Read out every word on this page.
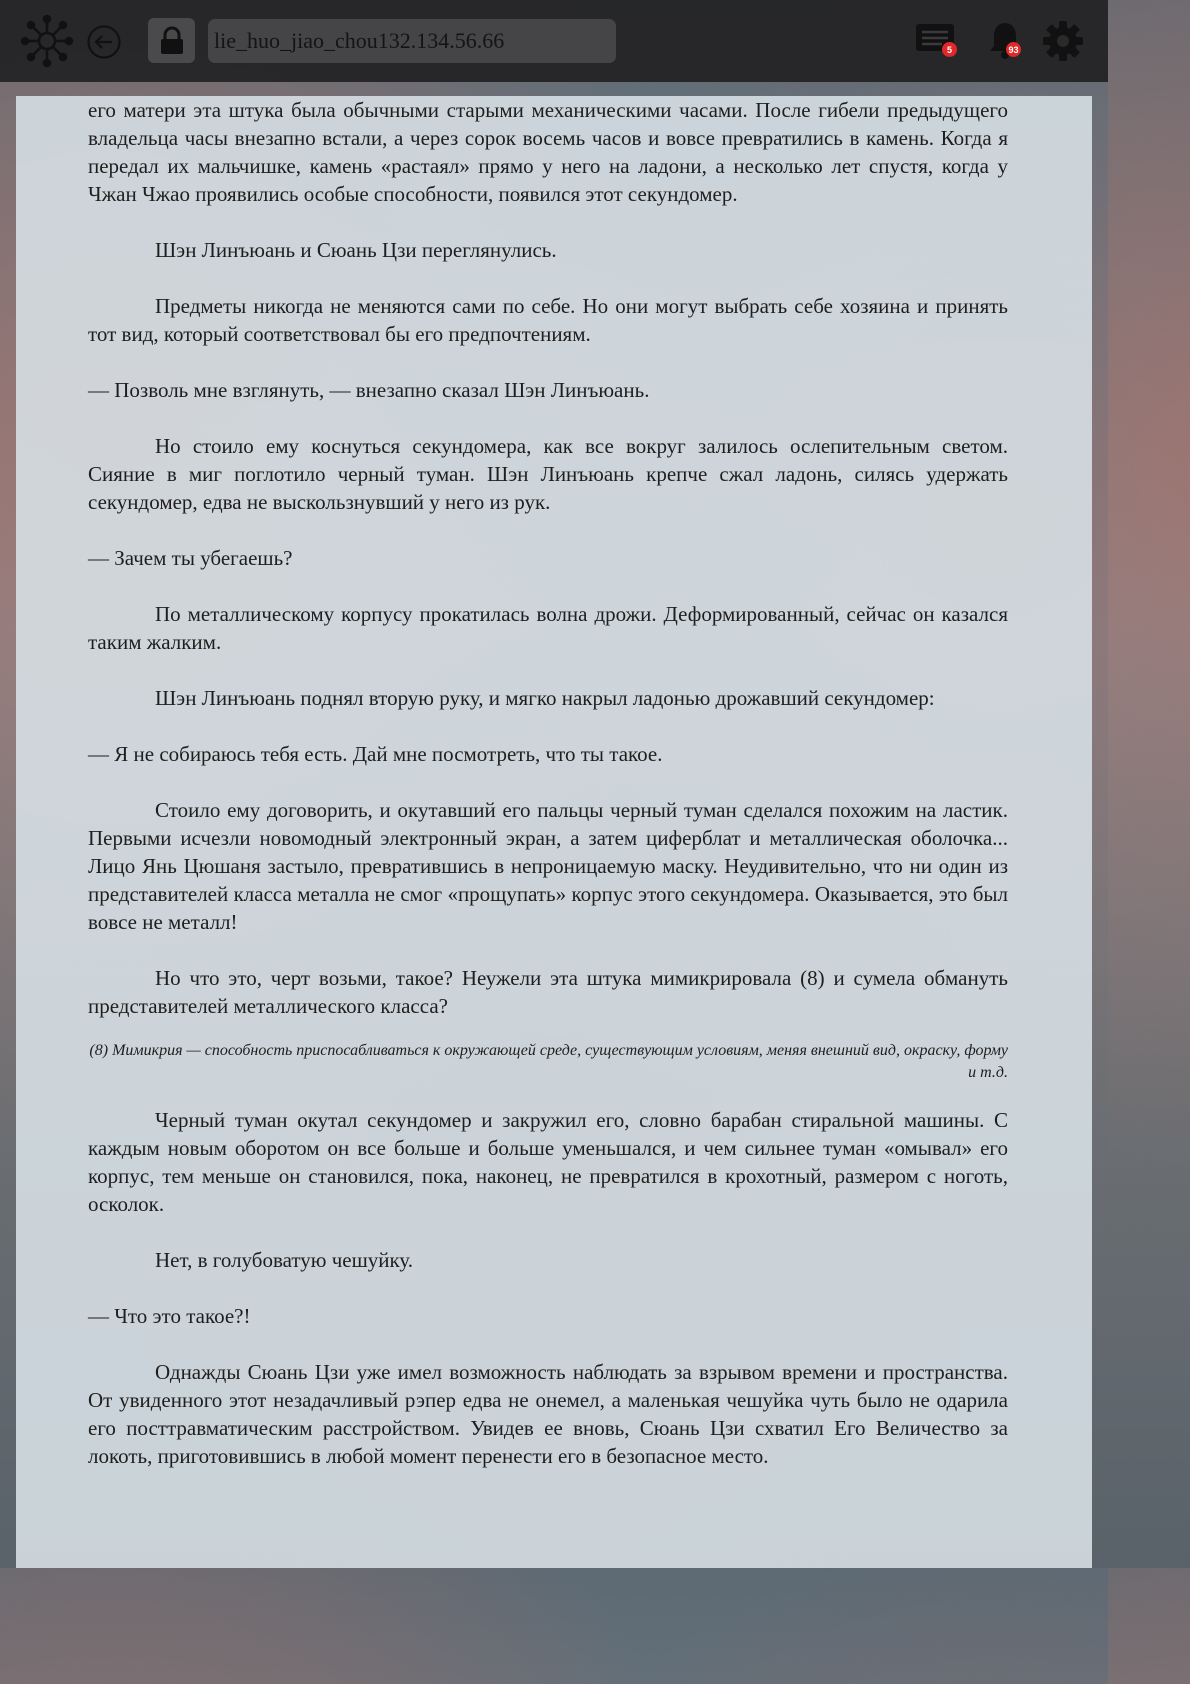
lie_huo_jiao_chou132.134.56.66	5	93

его матери эта штука была обычными старыми механическими часами. После гибели предыдущего владельца часы внезапно встали, а через сорок восемь часов и вовсе превратились в камень. Когда я передал их мальчишке, камень «растаял» прямо у него на ладони, а несколько лет спустя, когда у Чжан Чжао проявились особые способности, появился этот секундомер.

Шэн Линъюань и Сюань Цзи переглянулись.

Предметы никогда не меняются сами по себе. Но они могут выбрать себе хозяина и принять тот вид, который соответствовал бы его предпочтениям.

— Позволь мне взглянуть, — внезапно сказал Шэн Линъюань.

Но стоило ему коснуться секундомера, как все вокруг залилось ослепительным светом. Сияние в миг поглотило черный туман. Шэн Линъюань крепче сжал ладонь, силясь удержать секундомер, едва не выскользнувший у него из рук.

— Зачем ты убегаешь?

По металлическому корпусу прокатилась волна дрожи. Деформированный, сейчас он казался таким жалким.

Шэн Линъюань поднял вторую руку, и мягко накрыл ладонью дрожавший секундомер:

— Я не собираюсь тебя есть. Дай мне посмотреть, что ты такое.

Стоило ему договорить, и окутавший его пальцы черный туман сделался похожим на ластик. Первыми исчезли новомодный электронный экран, а затем циферблат и металлическая оболочка... Лицо Янь Цюшаня застыло, превратившись в непроницаемую маску. Неудивительно, что ни один из представителей класса металла не смог «прощупать» корпус этого секундомера. Оказывается, это был вовсе не металл!

Но что это, черт возьми, такое? Неужели эта штука мимикрировала (8) и сумела обмануть представителей металлического класса?

(8) Мимикрия — способность приспосабливаться к окружающей среде, существующим условиям, меняя внешний вид, окраску, форму и т.д.

Черный туман окутал секундомер и закружил его, словно барабан стиральной машины. С каждым новым оборотом он все больше и больше уменьшался, и чем сильнее туман «омывал» его корпус, тем меньше он становился, пока, наконец, не превратился в крохотный, размером с ноготь, осколок.

Нет, в голубоватую чешуйку.

— Что это такое?!

Однажды Сюань Цзи уже имел возможность наблюдать за взрывом времени и пространства. От увиденного этот незадачливый рэпер едва не онемел, а маленькая чешуйка чуть было не одарила его посттравматическим расстройством. Увидев ее вновь, Сюань Цзи схватил Его Величество за локоть, приготовившись в любой момент перенести его в безопасное место.
